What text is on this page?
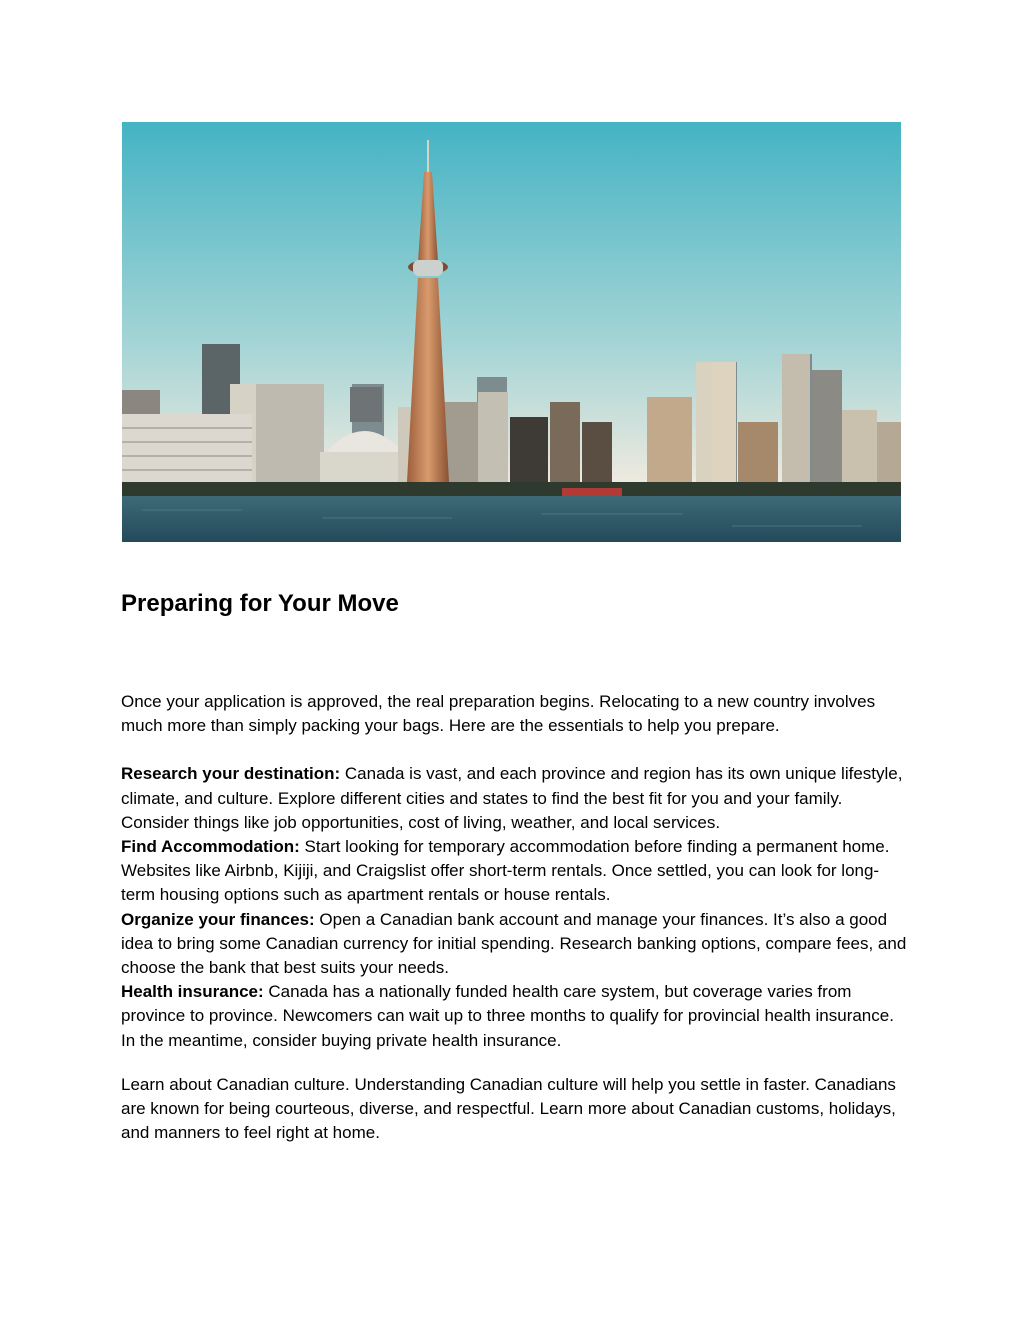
Preparing for Your Move

Once your application is approved, the real preparation begins. Relocating to a new country involves much more than simply packing your bags. Here are the essentials to help you prepare.

Research your destination: Canada is vast, and each province and region has its own unique lifestyle, climate, and culture. Explore different cities and states to find the best fit for you and your family. Consider things like job opportunities, cost of living, weather, and local services.

Find Accommodation: Start looking for temporary accommodation before finding a permanent home. Websites like Airbnb, Kijiji, and Craigslist offer short-term rentals. Once settled, you can look for long-term housing options such as apartment rentals or house rentals.

Organize your finances: Open a Canadian bank account and manage your finances. It’s also a good idea to bring some Canadian currency for initial spending. Research banking options, compare fees, and choose the bank that best suits your needs.

Health insurance: Canada has a nationally funded health care system, but coverage varies from province to province. Newcomers can wait up to three months to qualify for provincial health insurance. In the meantime, consider buying private health insurance.

Learn about Canadian culture. Understanding Canadian culture will help you settle in faster. Canadians are known for being courteous, diverse, and respectful. Learn more about Canadian customs, holidays, and manners to feel right at home.
